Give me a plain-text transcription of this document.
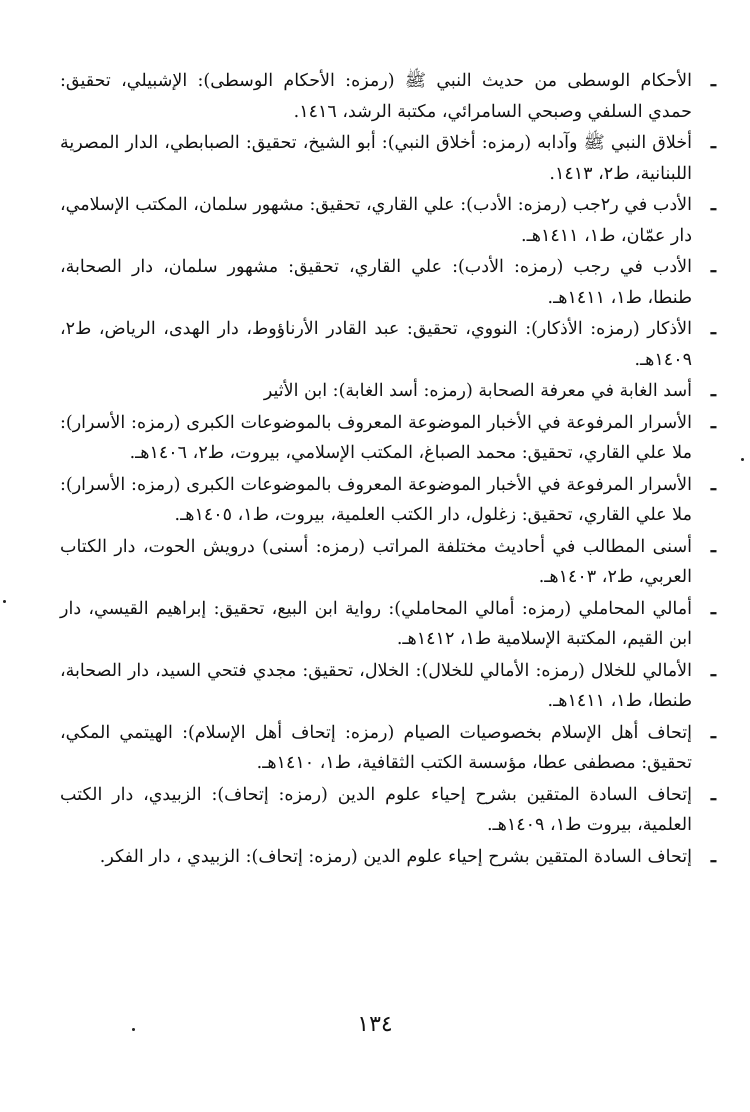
ـ
الأحكام الوسطى من حديث النبي ﷺ (رمزه: الأحكام الوسطى): الإشبيلي، تحقيق: حمدي السلفي وصبحي السامرائي، مكتبة الرشد، ١٤١٦.
ـ
أخلاق النبي ﷺ وآدابه (رمزه: أخلاق النبي): أبو الشيخ، تحقيق: الصبابطي، الدار المصرية اللبنانية، ط٢، ١٤١٣.
ـ
الأدب في ر٢جب (رمزه: الأدب): علي القاري، تحقيق: مشهور سلمان، المكتب الإسلامي، دار عمّان، ط١، ١٤١١هـ.
ـ
الأدب في رجب (رمزه: الأدب): علي القاري، تحقيق: مشهور سلمان، دار الصحابة، طنطا، ط١، ١٤١١هـ.
ـ
الأذكار (رمزه: الأذكار): النووي، تحقيق: عبد القادر الأرناؤوط، دار الهدى، الرياض، ط٢، ١٤٠٩هـ.
ـ
أسد الغابة في معرفة الصحابة (رمزه: أسد الغابة): ابن الأثير
ـ
الأسرار المرفوعة في الأخبار الموضوعة المعروف بالموضوعات الكبرى (رمزه: الأسرار): ملا علي القاري، تحقيق: محمد الصباغ، المكتب الإسلامي، بيروت، ط٢، ١٤٠٦هـ.
ـ
الأسرار المرفوعة في الأخبار الموضوعة المعروف بالموضوعات الكبرى (رمزه: الأسرار): ملا علي القاري، تحقيق: زغلول، دار الكتب العلمية، بيروت، ط١، ١٤٠٥هـ.
ـ
أسنى المطالب في أحاديث مختلفة المراتب (رمزه: أسنى) درويش الحوت، دار الكتاب العربي، ط٢، ١٤٠٣هـ.
ـ
أمالي المحاملي (رمزه: أمالي المحاملي): رواية ابن البيع، تحقيق: إبراهيم القيسي، دار ابن القيم، المكتبة الإسلامية ط١، ١٤١٢هـ.
ـ
الأمالي للخلال (رمزه: الأمالي للخلال): الخلال، تحقيق: مجدي فتحي السيد، دار الصحابة، طنطا، ط١، ١٤١١هـ.
ـ
إتحاف أهل الإسلام بخصوصيات الصيام (رمزه: إتحاف أهل الإسلام): الهيتمي المكي، تحقيق: مصطفى عطا، مؤسسة الكتب الثقافية، ط١، ١٤١٠هـ.
ـ
إتحاف السادة المتقين بشرح إحياء علوم الدين (رمزه: إتحاف): الزبيدي، دار الكتب العلمية، بيروت ط١، ١٤٠٩هـ.
ـ
إتحاف السادة المتقين بشرح إحياء علوم الدين (رمزه: إتحاف): الزبيدي ، دار الفكر.
١٣٤
